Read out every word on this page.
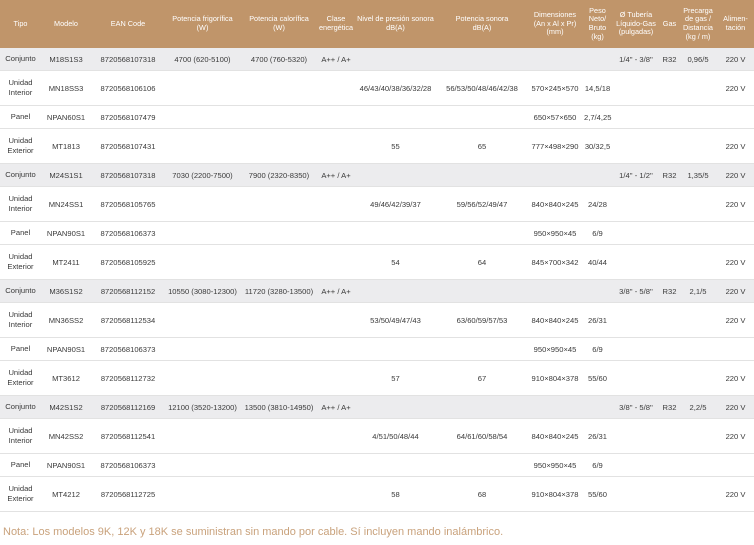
Tipo	Modelo	EAN Code	Potencia frigorífica
(W)	Potencia calorífica
(W)	Clase
energética	Nivel de presión sonora
dB(A)	Potencia sonora
dB(A)	Dimensiones
(An x Al x Pr)
(mm)	Peso
Neto/
Bruto
(kg)	Ø Tubería
Líquido-Gas
(pulgadas)	Gas	Precarga
de gas /
Distancia
(kg / m)	Alimen-
tación
Conjunto	M18S1S3	8720568107318	4700 (620-5100)	4700 (760-5320)	A++ / A+					1/4'' - 3/8''	R32	0,96/5	220 V
Unidad
Interior	MN18SS3	8720568106106				46/43/40/38/36/32/28	56/53/50/48/46/42/38	570×245×570	14,5/18				220 V
Panel	NPAN60S1	8720568107479						650×57×650	2,7/4,25				
Unidad
Exterior	MT1813	8720568107431				55	65	777×498×290	30/32,5				220 V
Conjunto	M24S1S1	8720568107318	7030 (2200-7500)	7900 (2320-8350)	A++ / A+					1/4'' - 1/2''	R32	1,35/5	220 V
Unidad
Interior	MN24SS1	8720568105765				49/46/42/39/37	59/56/52/49/47	840×840×245	24/28				220 V
Panel	NPAN90S1	8720568106373						950×950×45	6/9				
Unidad
Exterior	MT2411	8720568105925				54	64	845×700×342	40/44				220 V
Conjunto	M36S1S2	8720568112152	10550 (3080-12300)	11720 (3280-13500)	A++ / A+					3/8'' - 5/8''	R32	2,1/5	220 V
Unidad
Interior	MN36SS2	8720568112534				53/50/49/47/43	63/60/59/57/53	840×840×245	26/31				220 V
Panel	NPAN90S1	8720568106373						950×950×45	6/9				
Unidad
Exterior	MT3612	8720568112732				57	67	910×804×378	55/60				220 V
Conjunto	M42S1S2	8720568112169	12100 (3520-13200)	13500 (3810-14950)	A++ / A+					3/8'' - 5/8''	R32	2,2/5	220 V
Unidad
Interior	MN42SS2	8720568112541				4/51/50/48/44	64/61/60/58/54	840×840×245	26/31				220 V
Panel	NPAN90S1	8720568106373						950×950×45	6/9				
Unidad
Exterior	MT4212	8720568112725				58	68	910×804×378	55/60				220 V
Nota: Los modelos 9K, 12K y 18K se suministran sin mando por cable. Sí incluyen mando inalámbrico.
